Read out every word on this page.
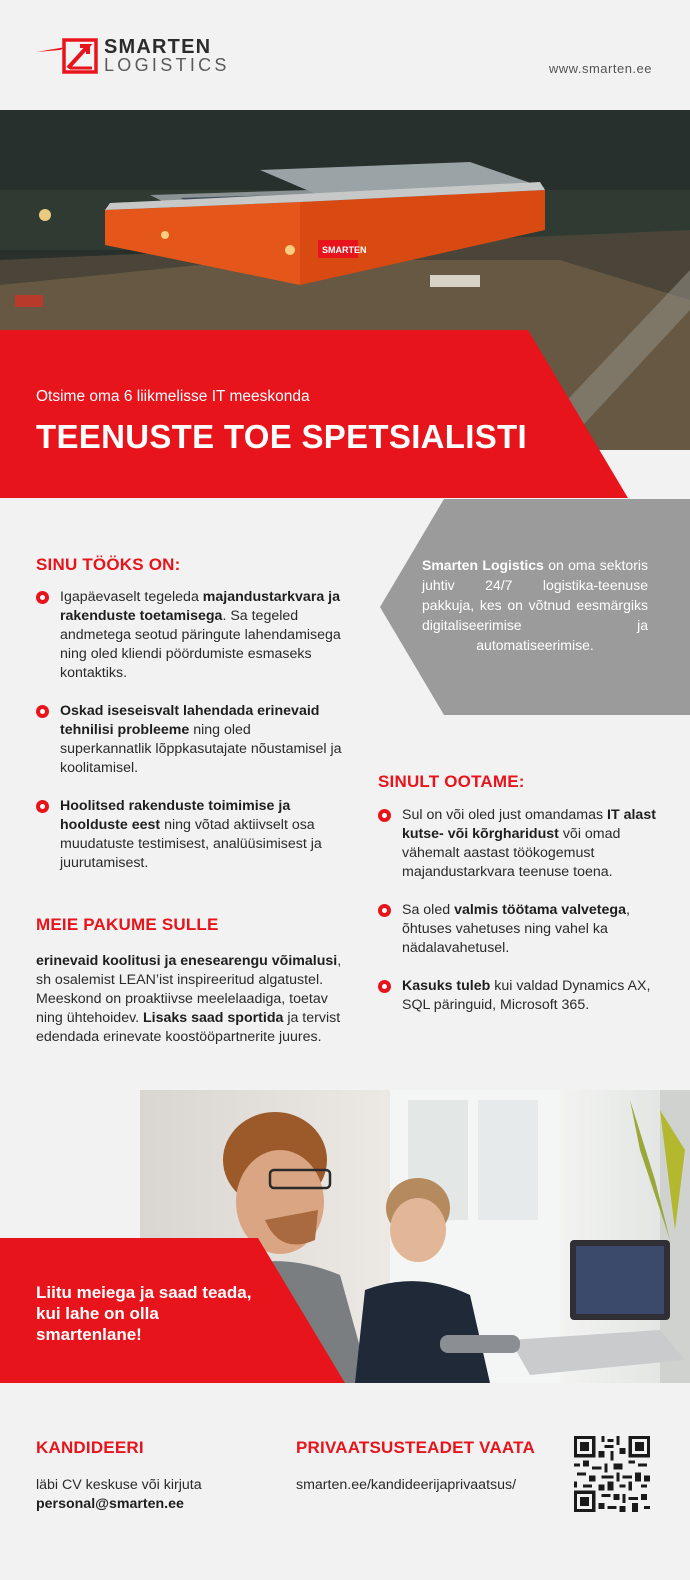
SMARTEN
LOGISTICS	www.smarten.ee
SMARTEN
Otsime oma 6 liikmelisse IT meeskonda
TEENUSTE TOE SPETSIALISTI
Smarten Logistics on oma sektoris juhtiv 24/7 logistika-teenuse pakkuja, kes on võtnud eesmärgiks digitaliseerimise ja automatiseerimise.
SINU TÖÖKS ON:
Igapäevaselt tegeleda majandustarkvara ja rakenduste toetamisega. Sa tegeled andmetega seotud päringute lahendamisega ning oled kliendi pöördumiste esmaseks kontaktiks.
Oskad iseseisvalt lahendada erinevaid tehnilisi probleeme ning oled superkannatlik lõppkasutajate nõustamisel ja koolitamisel.
Hoolitsed rakenduste toimimise ja hoolduste eest ning võtad aktiivselt osa muudatuste testimisest, analüüsimisest ja juurutamisest.
SINULT OOTAME:
Sul on või oled just omandamas IT alast kutse- või kõrgharidust või omad vähemalt aastast töökogemust majandustarkvara teenuse toena.
Sa oled valmis töötama valvetega, õhtuses vahetuses ning vahel ka nädalavahetusel.
Kasuks tuleb kui valdad Dynamics AX, SQL päringuid, Microsoft 365.
MEIE PAKUME SULLE
erinevaid koolitusi ja enesearengu võimalusi, sh osalemist LEAN’ist inspireeritud algatustel. Meeskond on proaktiivse meelelaadiga, toetav ning ühtehoidev. Lisaks saad sportida ja tervist edendada erinevate koostööpartnerite juures.
Liitu meiega ja saad teada, kui lahe on olla smartenlane!
KANDIDEERI
läbi CV keskuse või kirjuta
personal@smarten.ee
PRIVAATSUSTEADET VAATA
smarten.ee/kandideerijaprivaatsus/
